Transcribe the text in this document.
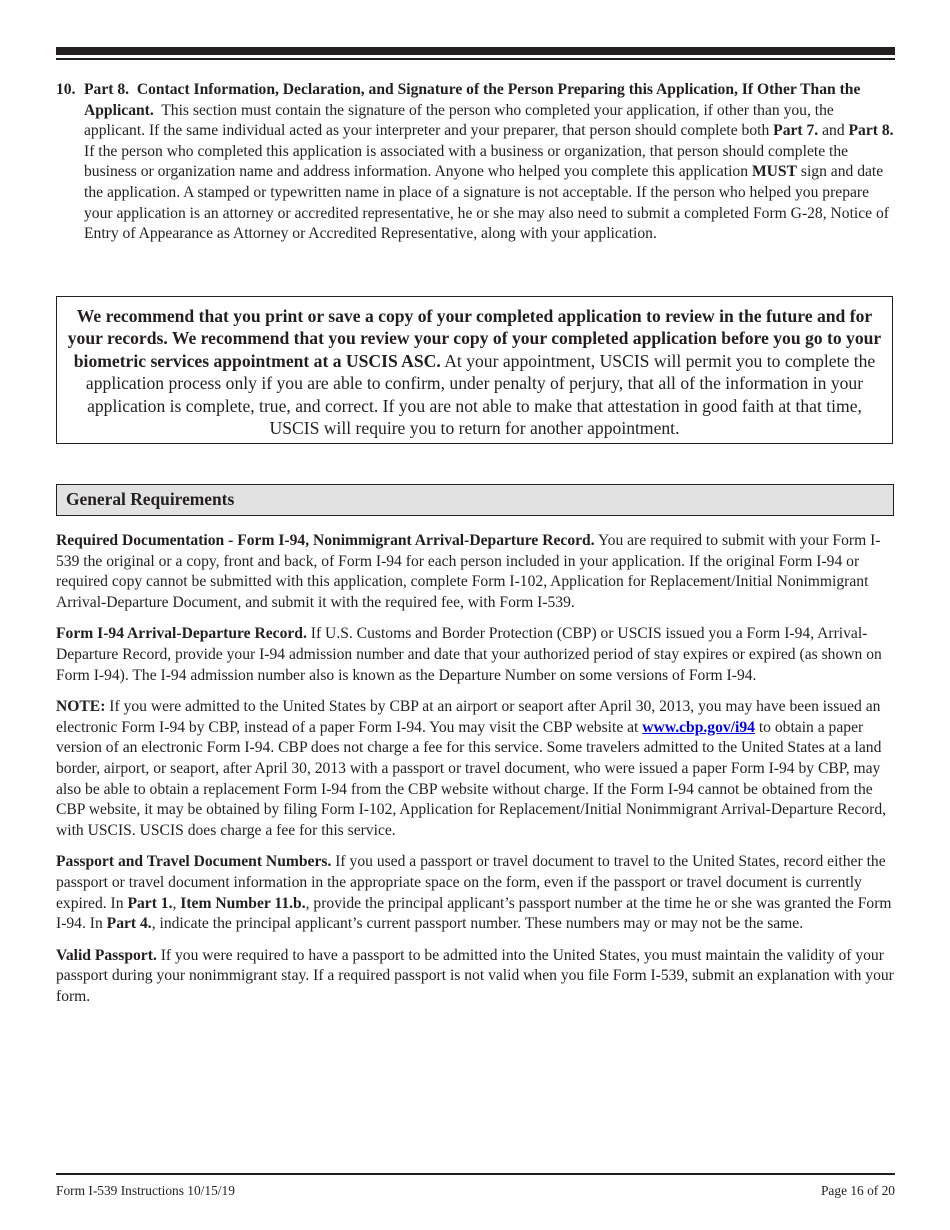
10. Part 8. Contact Information, Declaration, and Signature of the Person Preparing this Application, If Other Than the Applicant. This section must contain the signature of the person who completed your application, if other than you, the applicant. If the same individual acted as your interpreter and your preparer, that person should complete both Part 7. and Part 8. If the person who completed this application is associated with a business or organization, that person should complete the business or organization name and address information. Anyone who helped you complete this application MUST sign and date the application. A stamped or typewritten name in place of a signature is not acceptable. If the person who helped you prepare your application is an attorney or accredited representative, he or she may also need to submit a completed Form G-28, Notice of Entry of Appearance as Attorney or Accredited Representative, along with your application.
We recommend that you print or save a copy of your completed application to review in the future and for your records. We recommend that you review your copy of your completed application before you go to your biometric services appointment at a USCIS ASC. At your appointment, USCIS will permit you to complete the application process only if you are able to confirm, under penalty of perjury, that all of the information in your application is complete, true, and correct. If you are not able to make that attestation in good faith at that time, USCIS will require you to return for another appointment.
General Requirements

Required Documentation - Form I-94, Nonimmigrant Arrival-Departure Record. You are required to submit with your Form I-539 the original or a copy, front and back, of Form I-94 for each person included in your application. If the original Form I-94 or required copy cannot be submitted with this application, complete Form I-102, Application for Replacement/Initial Nonimmigrant Arrival-Departure Document, and submit it with the required fee, with Form I-539.

Form I-94 Arrival-Departure Record. If U.S. Customs and Border Protection (CBP) or USCIS issued you a Form I-94, Arrival-Departure Record, provide your I-94 admission number and date that your authorized period of stay expires or expired (as shown on Form I-94). The I-94 admission number also is known as the Departure Number on some versions of Form I-94.

NOTE: If you were admitted to the United States by CBP at an airport or seaport after April 30, 2013, you may have been issued an electronic Form I-94 by CBP, instead of a paper Form I-94. You may visit the CBP website at www.cbp.gov/i94 to obtain a paper version of an electronic Form I-94. CBP does not charge a fee for this service. Some travelers admitted to the United States at a land border, airport, or seaport, after April 30, 2013 with a passport or travel document, who were issued a paper Form I-94 by CBP, may also be able to obtain a replacement Form I-94 from the CBP website without charge. If the Form I-94 cannot be obtained from the CBP website, it may be obtained by filing Form I-102, Application for Replacement/Initial Nonimmigrant Arrival-Departure Record, with USCIS. USCIS does charge a fee for this service.

Passport and Travel Document Numbers. If you used a passport or travel document to travel to the United States, record either the passport or travel document information in the appropriate space on the form, even if the passport or travel document is currently expired. In Part 1., Item Number 11.b., provide the principal applicant’s passport number at the time he or she was granted the Form I-94. In Part 4., indicate the principal applicant’s current passport number. These numbers may or may not be the same.

Valid Passport. If you were required to have a passport to be admitted into the United States, you must maintain the validity of your passport during your nonimmigrant stay. If a required passport is not valid when you file Form I-539, submit an explanation with your form.

Form I-539 Instructions 10/15/19	Page 16 of 20
